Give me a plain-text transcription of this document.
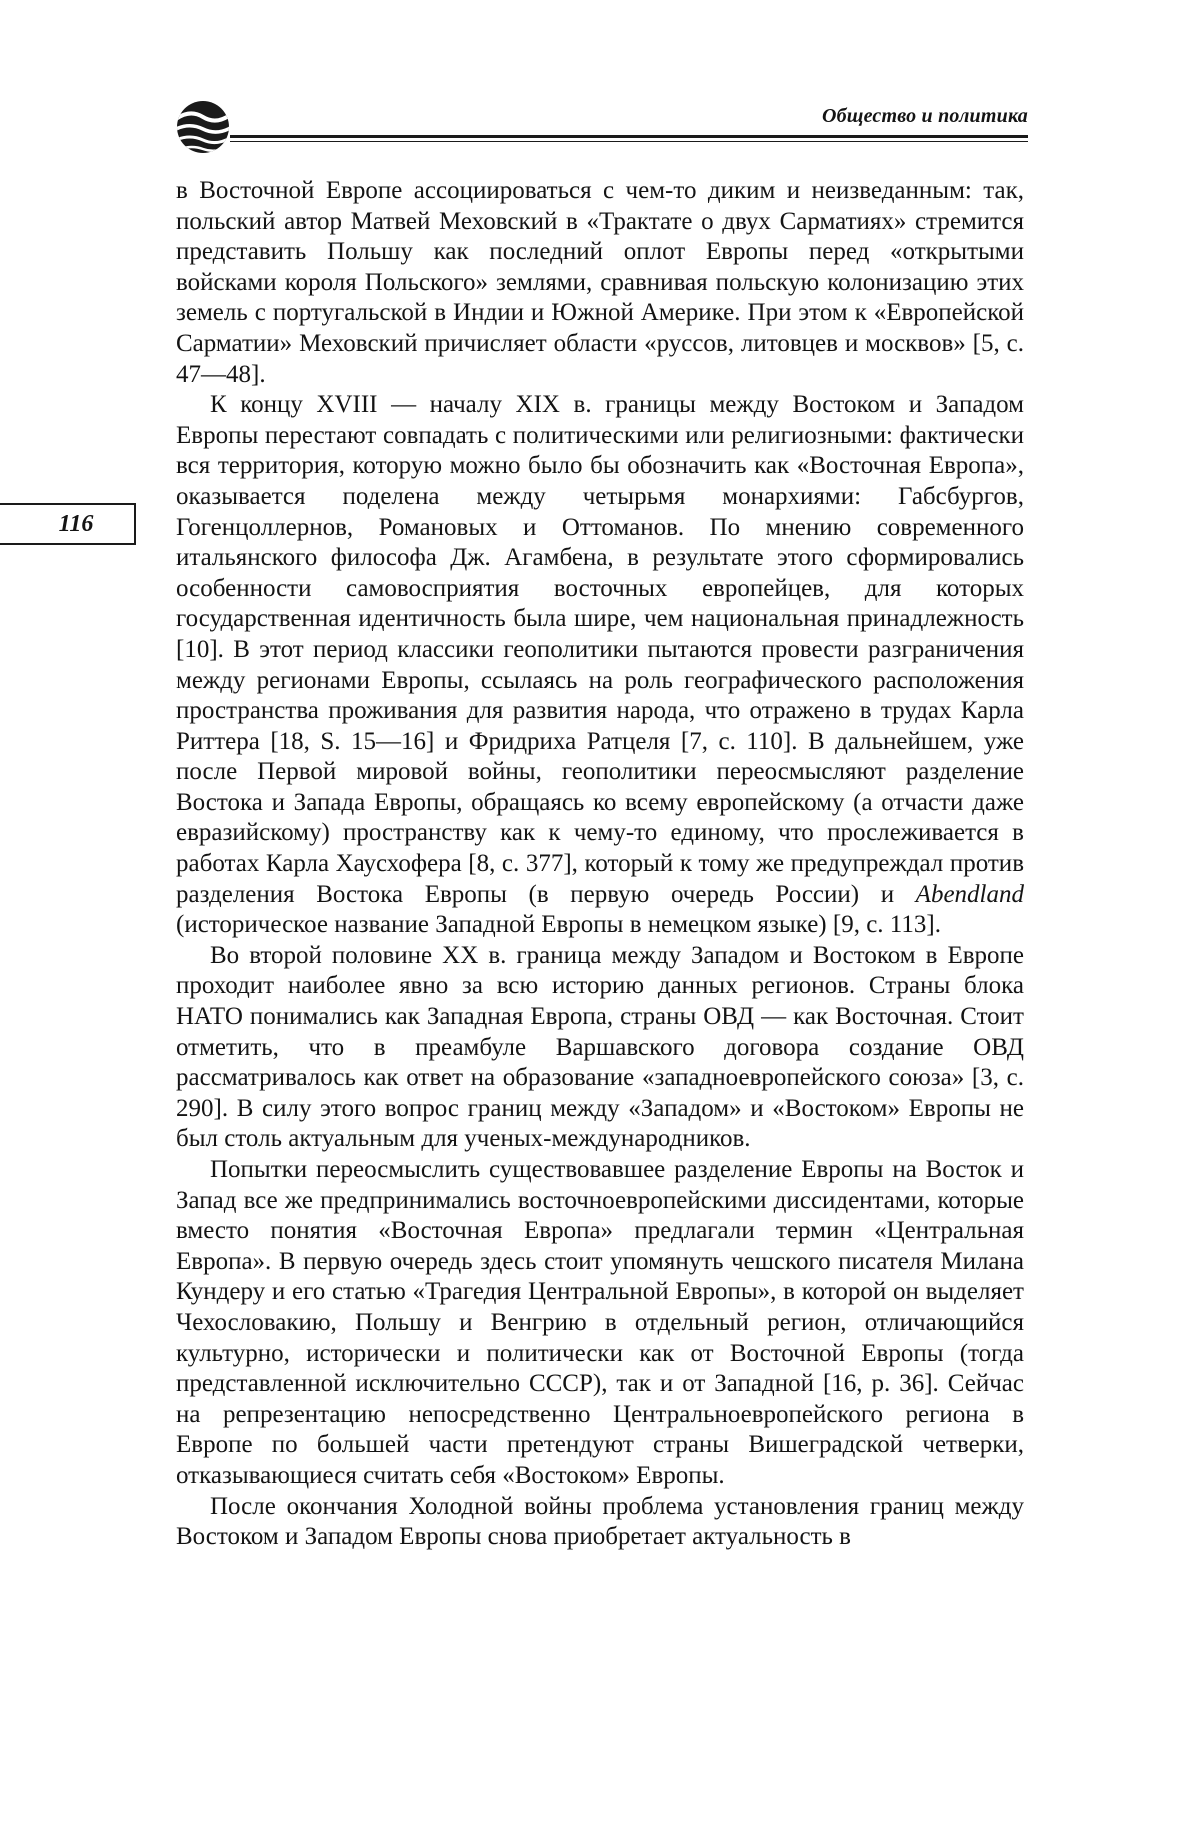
Общество и политика
116

в Восточной Европе ассоциироваться с чем-то диким и неизведанным: так, польский автор Матвей Меховский в «Трактате о двух Сарматиях» стремится представить Польшу как последний оплот Европы перед «открытыми войсками короля Польского» землями, сравнивая польскую колонизацию этих земель с португальской в Индии и Южной Америке. При этом к «Европейской Сарматии» Меховский причисляет области «руссов, литовцев и москвов» [5, с. 47—48].

К концу XVIII — началу XIX в. границы между Востоком и Западом Европы перестают совпадать с политическими или религиозными: фактически вся территория, которую можно было бы обозначить как «Восточная Европа», оказывается поделена между четырьмя монархиями: Габсбургов, Гогенцоллернов, Романовых и Оттоманов. По мнению современного итальянского философа Дж. Агамбена, в результате этого сформировались особенности самовосприятия восточных европейцев, для которых государственная идентичность была шире, чем национальная принадлежность [10]. В этот период классики геополитики пытаются провести разграничения между регионами Европы, ссылаясь на роль географического расположения пространства проживания для развития народа, что отражено в трудах Карла Риттера [18, S. 15—16] и Фридриха Ратцеля [7, с. 110]. В дальнейшем, уже после Первой мировой войны, геополитики переосмысляют разделение Востока и Запада Европы, обращаясь ко всему европейскому (а отчасти даже евразийскому) пространству как к чему-то единому, что прослеживается в работах Карла Хаусхофера [8, с. 377], который к тому же предупреждал против разделения Востока Европы (в первую очередь России) и Abendland (историческое название Западной Европы в немецком языке) [9, с. 113].

Во второй половине XX в. граница между Западом и Востоком в Европе проходит наиболее явно за всю историю данных регионов. Страны блока НАТО понимались как Западная Европа, страны ОВД — как Восточная. Стоит отметить, что в преамбуле Варшавского договора создание ОВД рассматривалось как ответ на образование «западноевропейского союза» [3, с. 290]. В силу этого вопрос границ между «Западом» и «Востоком» Европы не был столь актуальным для ученых-международников.

Попытки переосмыслить существовавшее разделение Европы на Восток и Запад все же предпринимались восточноевропейскими диссидентами, которые вместо понятия «Восточная Европа» предлагали термин «Центральная Европа». В первую очередь здесь стоит упомянуть чешского писателя Милана Кундеру и его статью «Трагедия Центральной Европы», в которой он выделяет Чехословакию, Польшу и Венгрию в отдельный регион, отличающийся культурно, исторически и политически как от Восточной Европы (тогда представленной исключительно СССР), так и от Западной [16, p. 36]. Сейчас на репрезентацию непосредственно Центральноевропейского региона в Европе по большей части претендуют страны Вишеградской четверки, отказывающиеся считать себя «Востоком» Европы.

После окончания Холодной войны проблема установления границ между Востоком и Западом Европы снова приобретает актуальность в
